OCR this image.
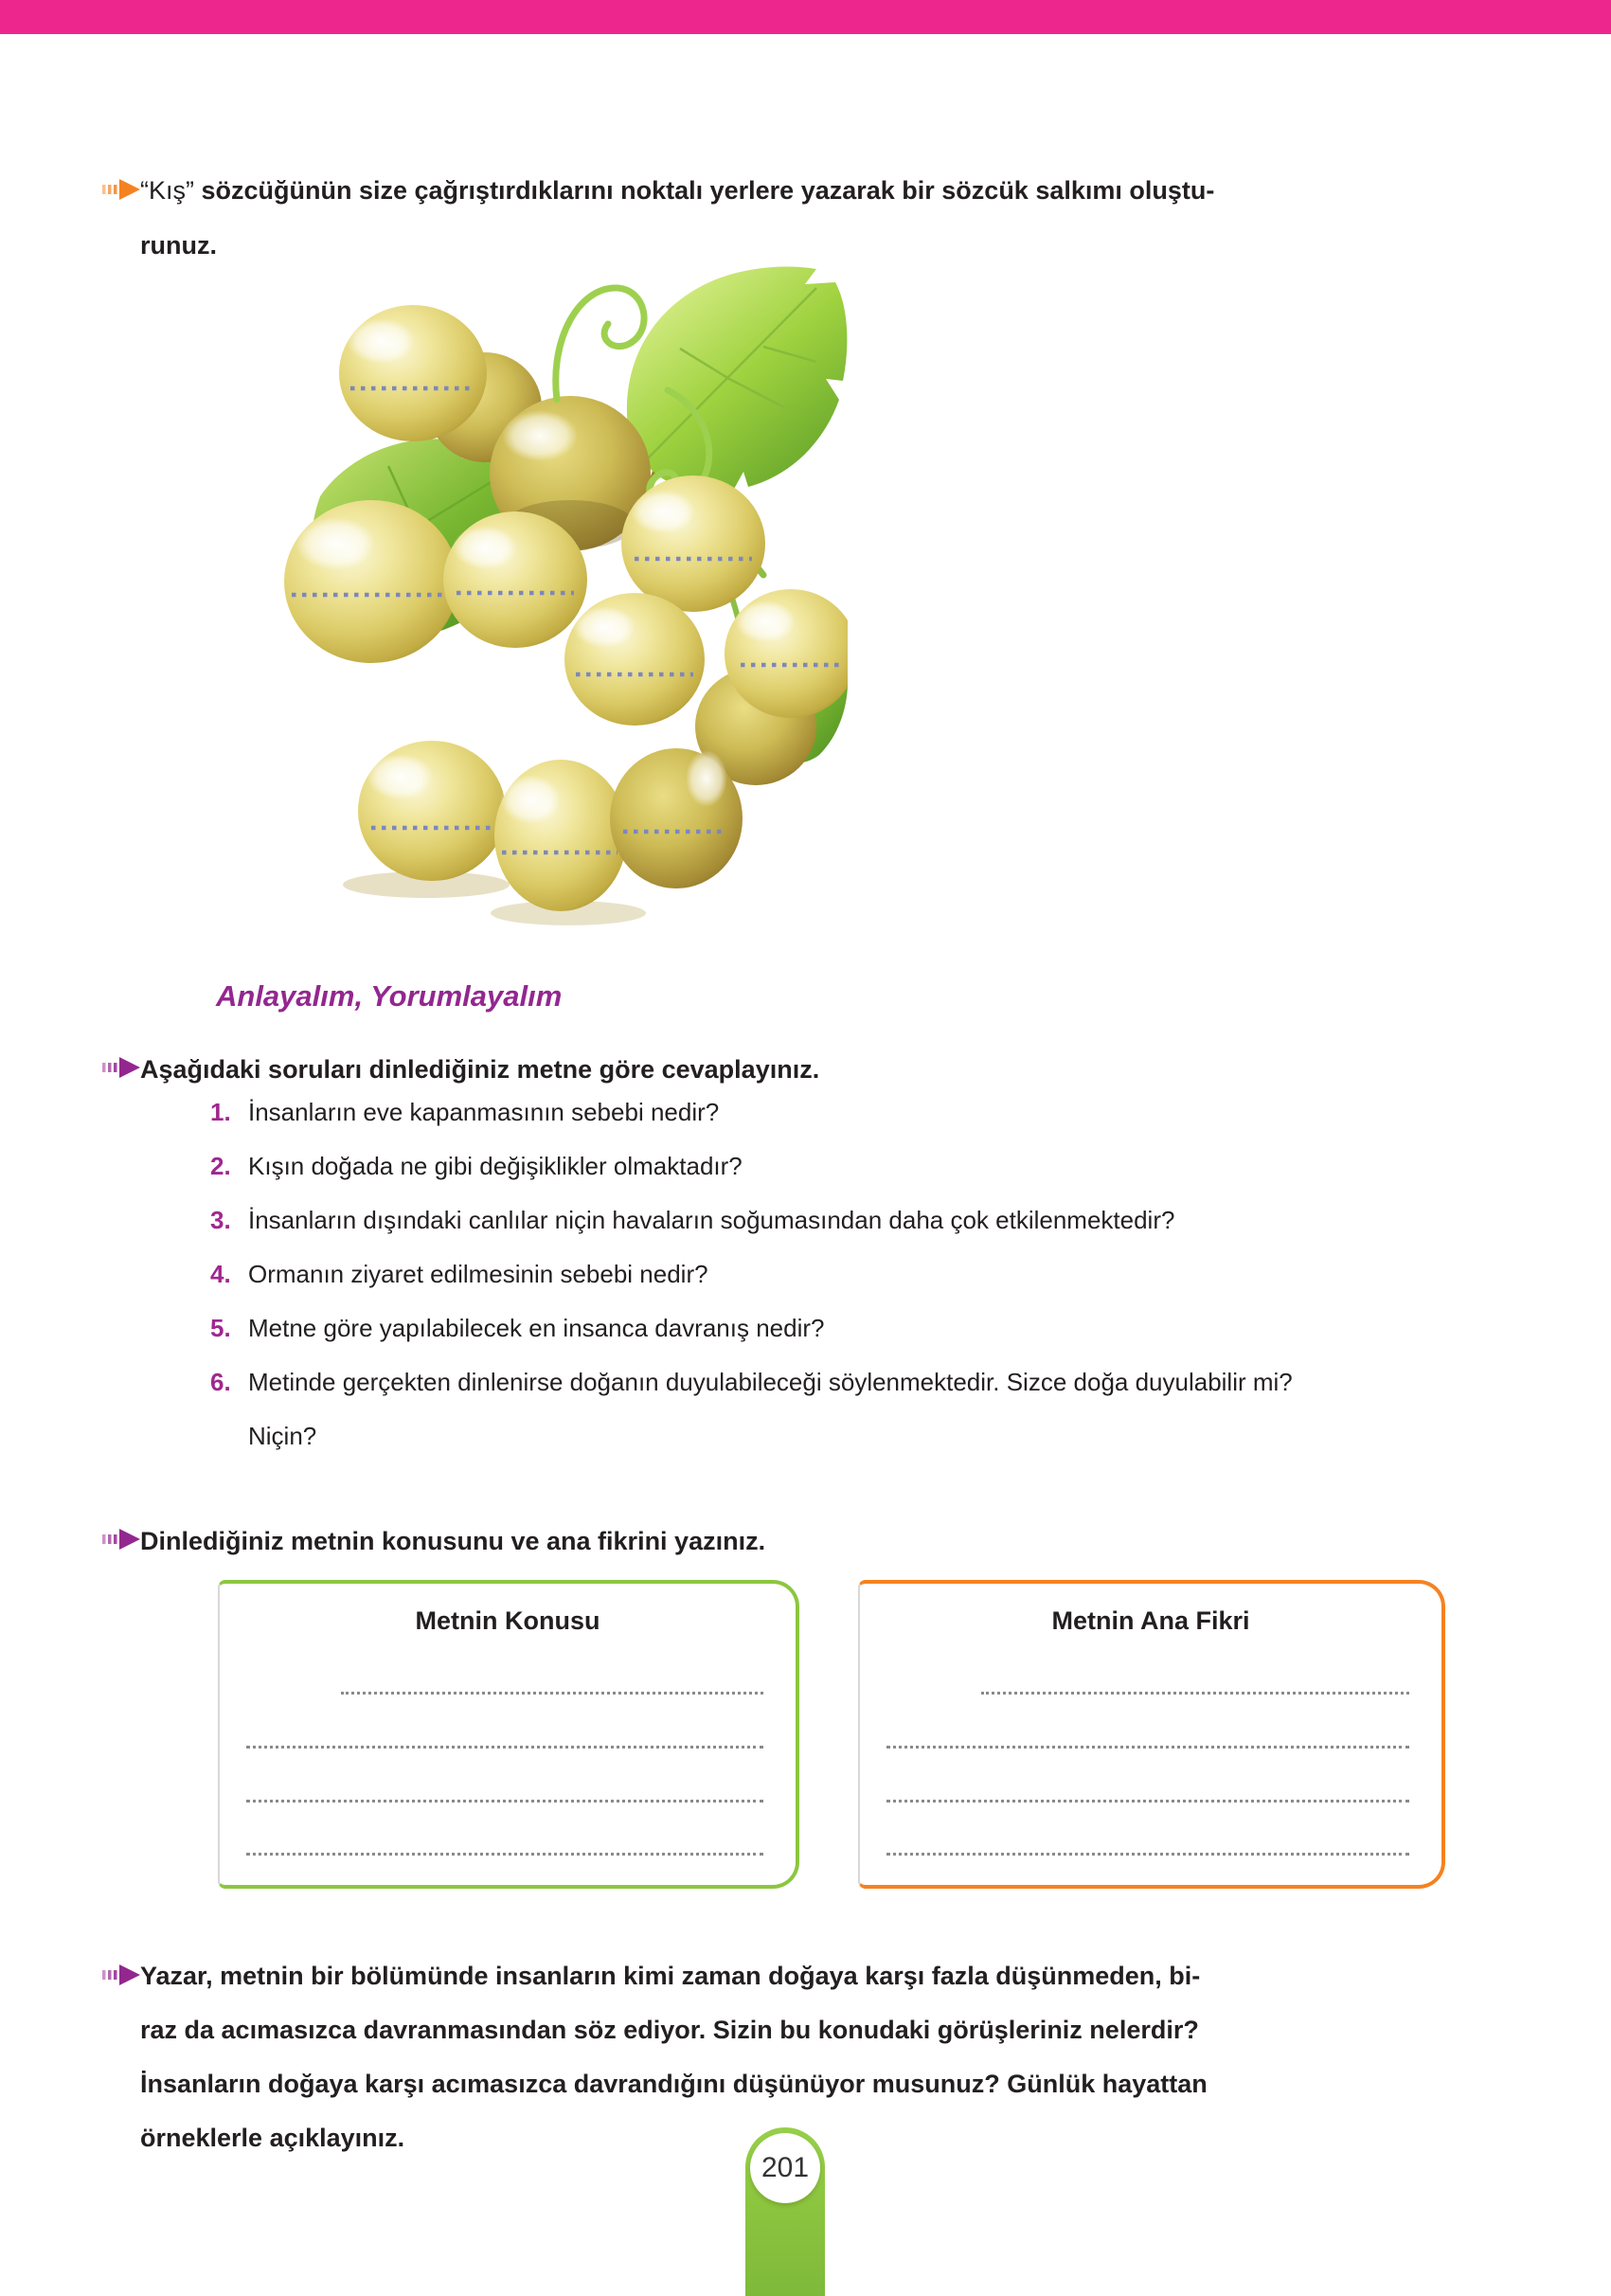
“Kış” sözcüğünün size çağrıştırdıklarını noktalı yerlere yazarak bir sözcük salkımı oluştu-
runuz.
Anlayalım, Yorumlayalım
Aşağıdaki soruları dinlediğiniz metne göre cevaplayınız.
1. İnsanların eve kapanmasının sebebi nedir?
2. Kışın doğada ne gibi değişiklikler olmaktadır?
3. İnsanların dışındaki canlılar niçin havaların soğumasından daha çok etkilenmektedir?
4. Ormanın ziyaret edilmesinin sebebi nedir?
5. Metne göre yapılabilecek en insanca davranış nedir?
6. Metinde gerçekten dinlenirse doğanın duyulabileceği söylenmektedir. Sizce doğa duyulabilir mi? Niçin?
Dinlediğiniz metnin konusunu ve ana fikrini yazınız.
Metnin Konusu	Metnin Ana Fikri
Yazar, metnin bir bölümünde insanların kimi zaman doğaya karşı fazla düşünmeden, bi-
raz da acımasızca davranmasından söz ediyor. Sizin bu konudaki görüşleriniz nelerdir?
İnsanların doğaya karşı acımasızca davrandığını düşünüyor musunuz? Günlük hayattan
örneklerle açıklayınız.
201
